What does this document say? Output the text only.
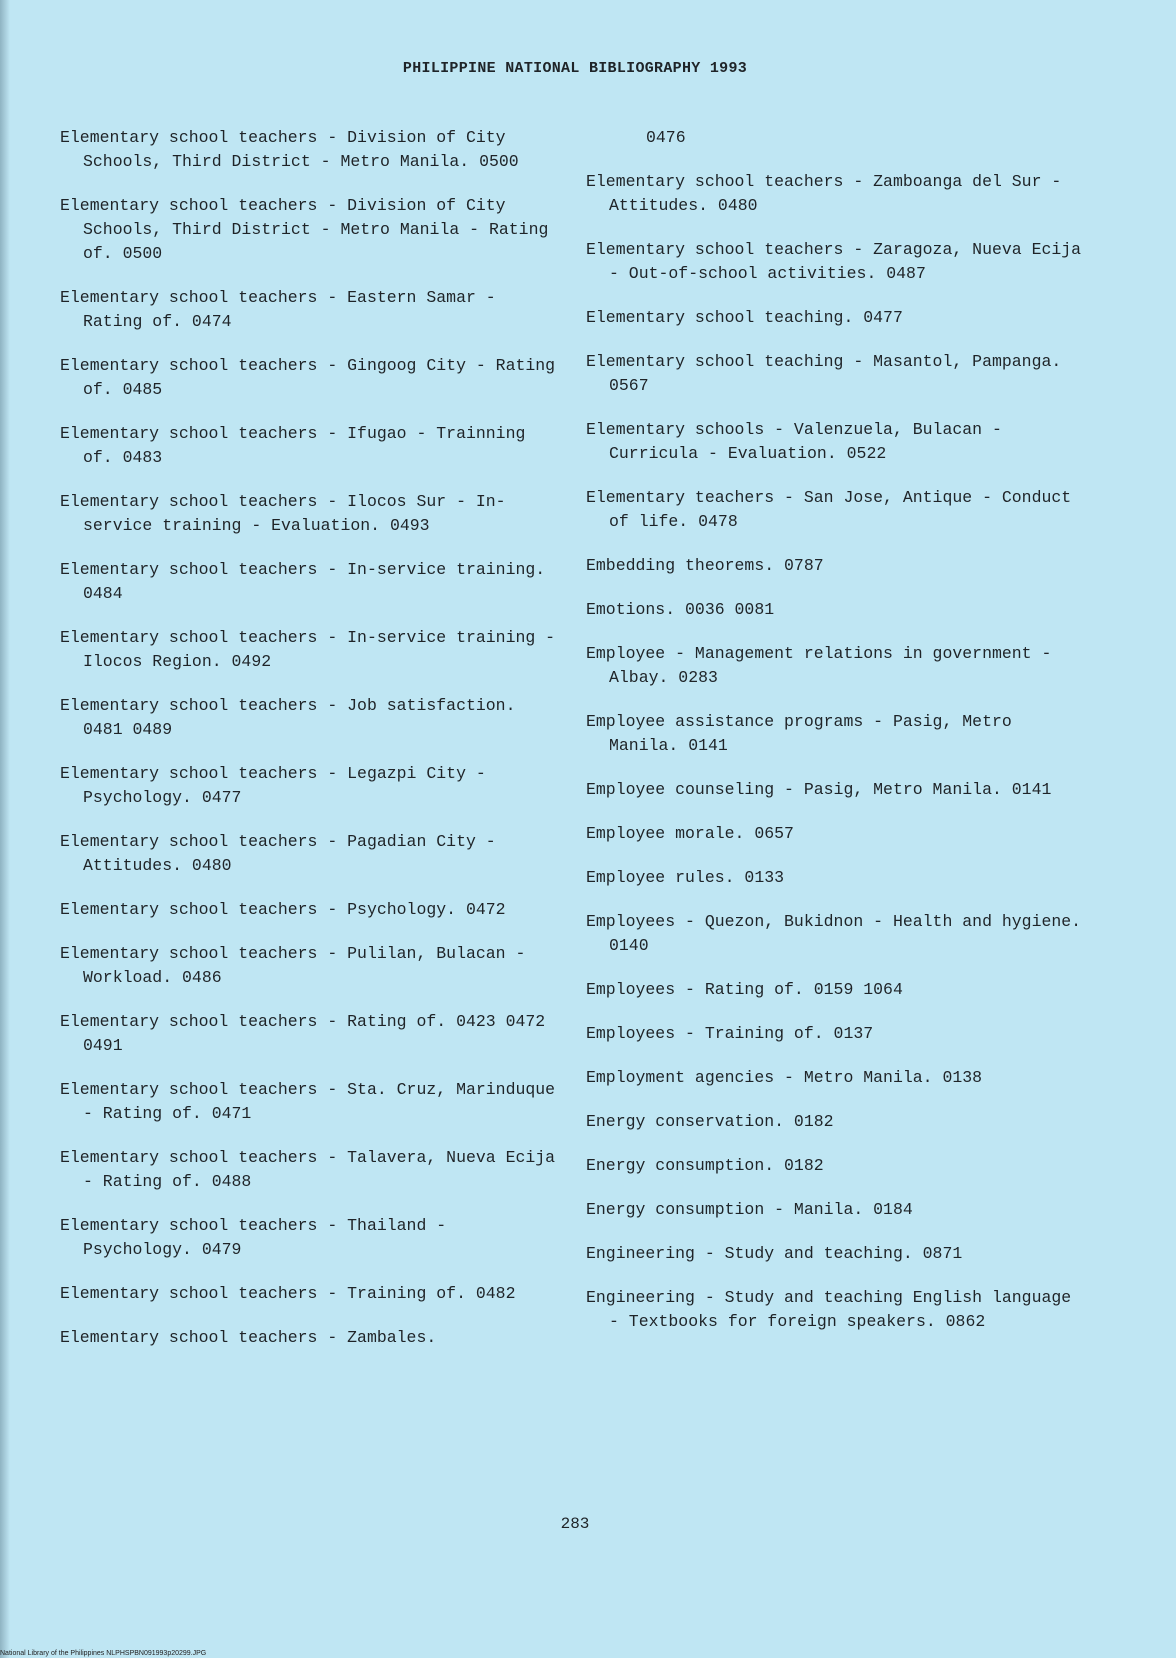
PHILIPPINE NATIONAL BIBLIOGRAPHY 1993
Elementary school teachers - Division of City Schools, Third District - Metro Manila. 0500
Elementary school teachers - Division of City Schools, Third District - Metro Manila - Rating of. 0500
Elementary school teachers - Eastern Samar - Rating of. 0474
Elementary school teachers - Gingoog City - Rating of. 0485
Elementary school teachers - Ifugao - Trainning of. 0483
Elementary school teachers - Ilocos Sur - In-service training - Evaluation. 0493
Elementary school teachers - In-service training. 0484
Elementary school teachers - In-service training - Ilocos Region. 0492
Elementary school teachers - Job satisfaction. 0481 0489
Elementary school teachers - Legazpi City - Psychology. 0477
Elementary school teachers - Pagadian City - Attitudes. 0480
Elementary school teachers - Psychology. 0472
Elementary school teachers - Pulilan, Bulacan - Workload. 0486
Elementary school teachers - Rating of. 0423 0472 0491
Elementary school teachers - Sta. Cruz, Marinduque - Rating of. 0471
Elementary school teachers - Talavera, Nueva Ecija - Rating of. 0488
Elementary school teachers - Thailand - Psychology. 0479
Elementary school teachers - Training of. 0482
Elementary school teachers - Zambales.
0476
Elementary school teachers - Zamboanga del Sur - Attitudes. 0480
Elementary school teachers - Zaragoza, Nueva Ecija - Out-of-school activities. 0487
Elementary school teaching. 0477
Elementary school teaching - Masantol, Pampanga. 0567
Elementary schools - Valenzuela, Bulacan - Curricula - Evaluation. 0522
Elementary teachers - San Jose, Antique - Conduct of life. 0478
Embedding theorems. 0787
Emotions. 0036 0081
Employee - Management relations in government - Albay. 0283
Employee assistance programs - Pasig, Metro Manila. 0141
Employee counseling - Pasig, Metro Manila. 0141
Employee morale. 0657
Employee rules. 0133
Employees - Quezon, Bukidnon - Health and hygiene. 0140
Employees - Rating of. 0159 1064
Employees - Training of. 0137
Employment agencies - Metro Manila. 0138
Energy conservation. 0182
Energy consumption. 0182
Energy consumption - Manila. 0184
Engineering - Study and teaching. 0871
Engineering - Study and teaching English language - Textbooks for foreign speakers. 0862
283
National Library of the Philippines NLPHSPBN091993p20299.JPG
